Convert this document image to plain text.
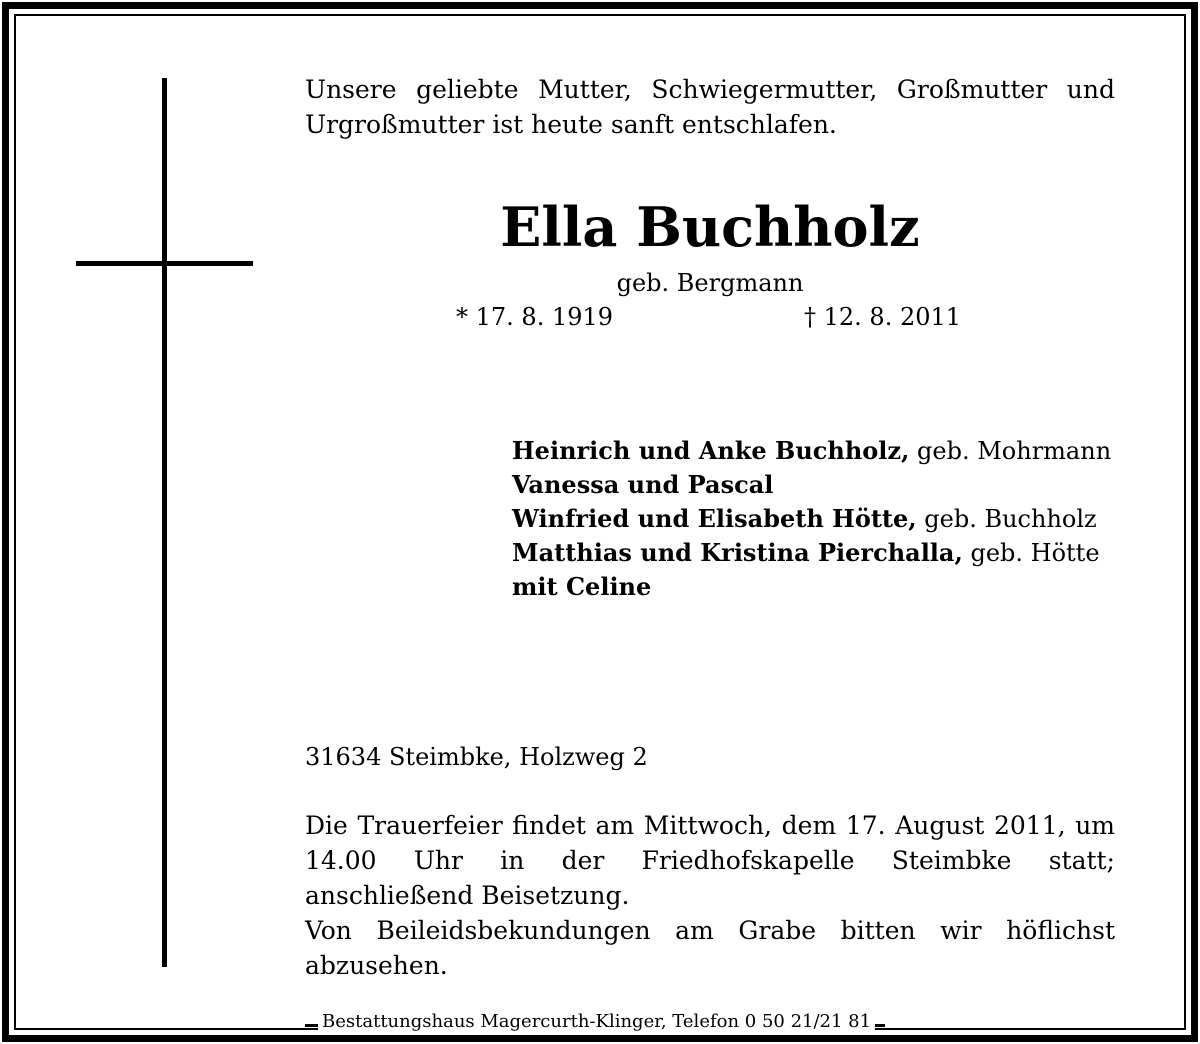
Unsere geliebte Mutter, Schwiegermutter, Großmutter und Urgroßmutter ist heute sanft entschlafen.
Ella Buchholz
geb. Bergmann
* 17. 8. 1919	† 12. 8. 2011
Heinrich und Anke Buchholz, geb. Mohrmann
Vanessa und Pascal
Winfried und Elisabeth Hötte, geb. Buchholz
Matthias und Kristina Pierchalla, geb. Hötte
mit Celine
31634 Steimbke, Holzweg 2

Die Trauerfeier findet am Mittwoch, dem 17. August 2011, um 14.00 Uhr in der Friedhofskapelle Steimbke statt; anschließend Beisetzung.

Von Beileidsbekundungen am Grabe bitten wir höflichst abzusehen.

Bestattungshaus Magercurth-Klinger, Telefon 0 50 21/21 81
